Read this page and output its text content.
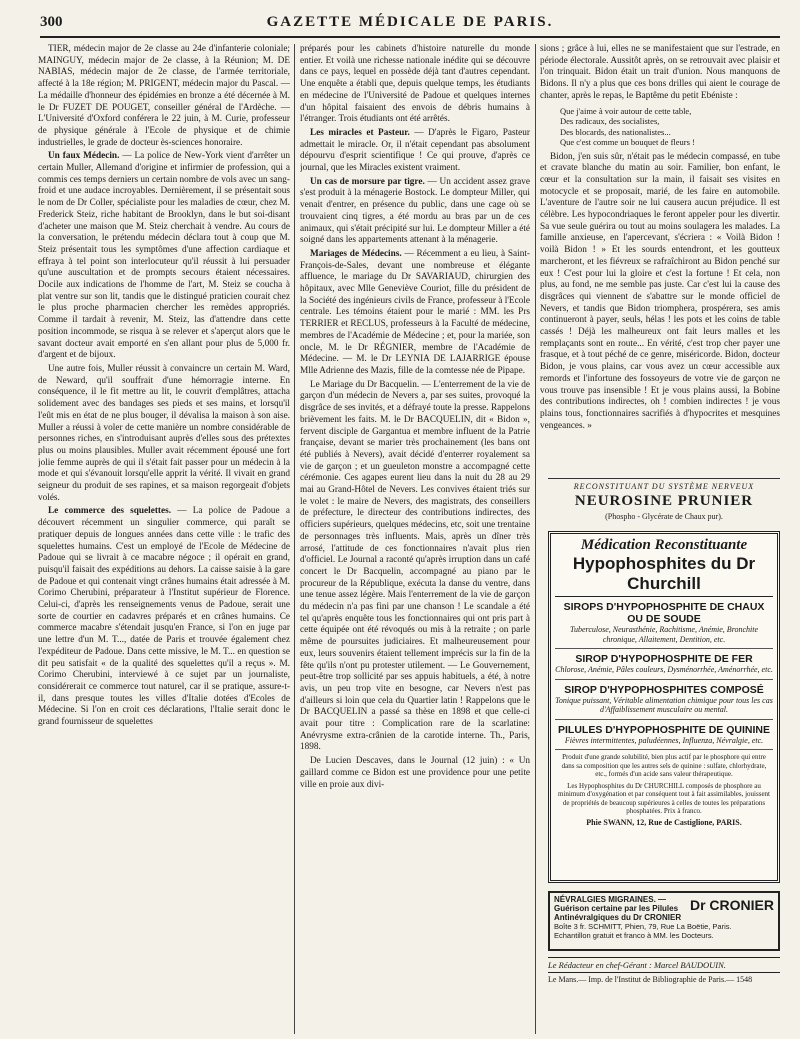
300	GAZETTE MÉDICALE DE PARIS.

TIER, médecin major de 2e classe au 24e d'infanterie coloniale; MAINGUY, médecin major de 2e classe, à la Réunion; M. DE NABIAS, médecin major de 2e classe, de l'armée territoriale, affecté à la 18e région; M. PRIGENT, médecin major du Pascal. — La médaille d'honneur des épidémies en bronze a été décernée à M. le Dr FUZET DE POUGET, conseiller général de l'Ardèche. — L'Université d'Oxford conférera le 22 juin, à M. Curie, professeur de physique générale à l'Ecole de physique et de chimie industrielles, le grade de docteur ès-sciences honoraire.

Un faux Médecin. — La police de New-York vient d'arrêter un certain Muller, Allemand d'origine et infirmier de profession, qui a commis ces temps derniers un certain nombre de vols avec un sang-froid et une audace incroyables. Dernièrement, il se présentait sous le nom de Dr Coller, spécialiste pour les maladies de cœur, chez M. Frederick Steiz, riche habitant de Brooklyn, dans le but soi-disant d'acheter une maison que M. Steiz cherchait à vendre. Au cours de la conversation, le prétendu médecin déclara tout à coup que M. Steiz présentait tous les symptômes d'une affection cardiaque et effraya à tel point son interlocuteur qu'il réussit à lui persuader qu'une auscultation et de prompts secours étaient nécessaires. Docile aux indications de l'homme de l'art, M. Steiz se coucha à plat ventre sur son lit, tandis que le distingué praticien courait chez le plus proche pharmacien chercher les remèdes appropriés. Comme il tardait à revenir, M. Steiz, las d'attendre dans cette position incommode, se risqua à se relever et s'aperçut alors que le savant docteur avait emporté en s'en allant pour plus de 5,000 fr. d'argent et de bijoux.

Une autre fois, Muller réussit à convaincre un certain M. Ward, de Neward, qu'il souffrait d'une hémorragie interne. En conséquence, il le fit mettre au lit, le couvrit d'emplâtres, attacha solidement avec des bandages ses pieds et ses mains, et lorsqu'il l'eût mis en état de ne plus bouger, il dévalisa la maison à son aise. Muller a réussi à voler de cette manière un nombre considérable de personnes riches, en s'introduisant auprès d'elles sous des prétextes plus ou moins plausibles. Muller avait récemment épousé une fort jolie femme auprès de qui il s'était fait passer pour un médecin à la mode et qui s'évanouit lorsqu'elle apprit la vérité. Il vivait en grand seigneur du produit de ses rapines, et sa maison regorgeait d'objets volés.

Le commerce des squelettes. — La police de Padoue a découvert récemment un singulier commerce, qui paraît se pratiquer depuis de longues années dans cette ville : le trafic des squelettes humains. C'est un employé de l'Ecole de Médecine de Padoue qui se livrait à ce macabre négoce ; il opérait en grand, puisqu'il faisait des expéditions au dehors. La caisse saisie à la gare de Padoue et qui contenait vingt crânes humains était adressée à M. Corimo Cherubini, préparateur à l'Institut supérieur de Florence. Celui-ci, d'après les renseignements venus de Padoue, serait une sorte de courtier en cadavres préparés et en crânes humains. Ce commerce macabre s'étendait jusqu'en France, si l'on en juge par une lettre d'un M. T..., datée de Paris et trouvée également chez l'expéditeur de Padoue. Dans cette missive, le M. T... en question se dit peu satisfait « de la qualité des squelettes qu'il a reçus ». M. Corimo Cherubini, interviewé à ce sujet par un journaliste, considérerait ce commerce tout naturel, car il se pratique, assure-t-il, dans presque toutes les villes d'Italie dotées d'Ecoles de Médecine. Si l'on en croit ces déclarations, l'Italie serait donc le grand fournisseur de squelettes

préparés pour les cabinets d'histoire naturelle du monde entier. Et voilà une richesse nationale inédite qui se découvre dans ce pays, lequel en possède déjà tant d'autres cependant. Une enquête a établi que, depuis quelque temps, les étudiants en médecine de l'Université de Padoue et quelques internes d'un hôpital faisaient des envois de débris humains à l'étranger. Trois étudiants ont été arrêtés.

Les miracles et Pasteur. — D'après le Figaro, Pasteur admettait le miracle. Or, il n'était cependant pas absolument dépourvu d'esprit scientifique ! Ce qui prouve, d'après ce journal, que les Miracles existent vraiment.

Un cas de morsure par tigre. — Un accident assez grave s'est produit à la ménagerie Bostock. Le dompteur Miller, qui venait d'entrer, en présence du public, dans une cage où se trouvaient cinq tigres, a été mordu au bras par un de ces animaux, qui s'était précipité sur lui. Le dompteur Miller a été soigné dans les appartements attenant à la ménagerie.

Mariages de Médecins. — Récemment a eu lieu, à Saint-François-de-Sales, devant une nombreuse et élégante affluence, le mariage du Dr SAVARIAUD, chirurgien des hôpitaux, avec Mlle Geneviève Couriot, fille du président de la Société des ingénieurs civils de France, professeur à l'Ecole centrale. Les témoins étaient pour le marié : MM. les Prs TERRIER et RECLUS, professeurs à la Faculté de médecine, membres de l'Académie de Médecine ; et, pour la mariée, son oncle, M. le Dr RÉGNIER, membre de l'Académie de Médecine. — M. le Dr LEYNIA DE LAJARRIGE épouse Mlle Adrienne des Mazis, fille de la comtesse née de Pipape.

Le Mariage du Dr Bacquelin. — L'enterrement de la vie de garçon d'un médecin de Nevers a, par ses suites, provoqué la disgrâce de ses invités, et a défrayé toute la presse. Rappelons brièvement les faits. M. le Dr BACQUELIN, dit « Bidon », fervent disciple de Gargantua et membre influent de la Patrie française, devant se marier très prochainement (les bans ont été publiés à Nevers), avait décidé d'enterrer royalement sa vie de garçon ; et un gueuleton monstre a accompagné cette cérémonie. Ces agapes eurent lieu dans la nuit du 28 au 29 mai au Grand-Hôtel de Nevers. Les convives étaient triés sur le volet : le maire de Nevers, des magistrats, des conseillers de préfecture, le directeur des contributions indirectes, des officiers supérieurs, quelques médecins, etc, soit une trentaine de personnages très influents. Mais, après un dîner très arrosé, l'attitude de ces fonctionnaires n'avait plus rien d'officiel. Le Journal a raconté qu'après irruption dans un café concert le Dr Bacquelin, accompagné au piano par le procureur de la République, exécuta la danse du ventre, dans une tenue assez légère. Mais l'enterrement de la vie de garçon du médecin n'a pas fini par une chanson ! Le scandale a été tel qu'après enquête tous les fonctionnaires qui ont pris part à cette équipée ont été révoqués ou mis à la retraite ; on parle même de poursuites judiciaires. Et malheureusement pour eux, leurs souvenirs étaient tellement imprécis sur la fin de la fête qu'ils n'ont pu protester utilement. — Le Gouvernement, peut-être trop sollicité par ses appuis habituels, a été, à notre avis, un peu trop vite en besogne, car Nevers n'est pas d'ailleurs si loin que cela du Quartier latin ! Rappelons que le Dr BACQUELIN a passé sa thèse en 1898 et que celle-ci avait pour titre : Complication rare de la scarlatine: Anévrysme extra-crânien de la carotide interne. Th., Paris, 1898.

De Lucien Descaves, dans le Journal (12 juin) : « Un gaillard comme ce Bidon est une providence pour une petite ville en proie aux divi-

sions ; grâce à lui, elles ne se manifestaient que sur l'estrade, en période électorale. Aussitôt après, on se retrouvait avec plaisir et l'on trinquait. Bidon était un trait d'union. Nous manquons de Bidons. Il n'y a plus que ces bons drilles qui aient le courage de chanter, après le repas, le Baptême du petit Ebéniste :

Que j'aime à voir autour de cette table,
Des radicaux, des socialistes,
Des blocards, des nationalistes...
Que c'est comme un bouquet de fleurs !

Bidon, j'en suis sûr, n'était pas le médecin compassé, en tube et cravate blanche du matin au soir. Familier, bon enfant, le cœur et la consultation sur la main, il faisait ses visites en motocycle et se proposait, marié, de les faire en automobile. L'aventure de l'autre soir ne lui causera aucun préjudice. Il est célèbre. Les hypocondriaques le feront appeler pour les divertir. Sa vue seule guérira ou tout au moins soulagera les malades. La famille anxieuse, en l'apercevant, s'écriera : « Voilà Bidon ! voilà Bidon ! » Et les sourds entendront, et les goutteux marcheront, et les fiévreux se rafraîchiront au Bidon penché sur eux ! C'est pour lui la gloire et c'est la fortune ! Et cela, non plus, au fond, ne me semble pas juste. Car c'est lui la cause des disgrâces qui viennent de s'abattre sur le monde officiel de Nevers, et tandis que Bidon triomphera, prospérera, ses amis continueront à payer, seuls, hélas ! les pots et les coins de table cassés ! Déjà les malheureux ont fait leurs malles et les remplaçants sont en route... En vérité, c'est trop cher payer une frasque, et à tout péché de ce genre, miséricorde. Bidon, docteur Bidon, je vous plains, car vous avez un cœur accessible aux remords et l'infortune des fossoyeurs de votre vie de garçon ne vous trouve pas insensible ! Et je vous plains aussi, la Bobine des contributions indirectes, oh ! combien indirectes ! je vous plains tous, fonctionnaires sacrifiés à d'hypocrites et mesquines vengeances. »

RECONSTITUANT DU SYSTÈME NERVEUX
NEUROSINE PRUNIER
(Phospho - Glycérate de Chaux pur).
Médication Reconstituante
Hypophosphites du Dr Churchill
SIROPS D'HYPOPHOSPHITE DE CHAUX OU DE SOUDE
Tuberculose, Neurasthénie, Rachitisme, Anémie, Bronchite chronique, Allaitement, Dentition, etc.
SIROP D'HYPOPHOSPHITE DE FER
Chlorose, Anémie, Pâles couleurs, Dysménorrhée, Aménorrhée, etc.
SIROP D'HYPOPHOSPHITES COMPOSÉ
Tonique puissant, Véritable alimentation chimique pour tous les cas d'Affaiblissement musculaire ou mental.
PILULES D'HYPOPHOSPHITE DE QUININE
Fièvres intermittentes, paludéennes, Influenza, Névralgie, etc.
Produit d'une grande solubilité, bien plus actif par le phosphore qui entre dans sa composition que les autres sels de quinine : sulfate, chlorhydrate, etc., formés d'un acide sans valeur thérapeutique.
Les Hypophosphites du Dr CHURCHILL composés de phosphore au minimum d'oxygénation et par conséquent tout à fait assimilables, jouissent de propriétés de beaucoup supérieures à celles de toutes les préparations phosphatées. Prix à franco.
Phie SWANN, 12, Rue de Castiglione, PARIS.
NÉVRALGIES MIGRAINES. — Guérison certaine par les Pilules Antinévralgiques du Dr CRONIER
Boîte 3 fr. SCHMITT, Phien, 79, Rue La Boëtie, Paris.
Echantillon gratuit et franco à MM. les Docteurs.
Dr CRONIER
Le Rédacteur en chef-Gérant : Marcel BAUDOUIN.
Le Mans.— Imp. de l'Institut de Bibliographie de Paris.— 1548
